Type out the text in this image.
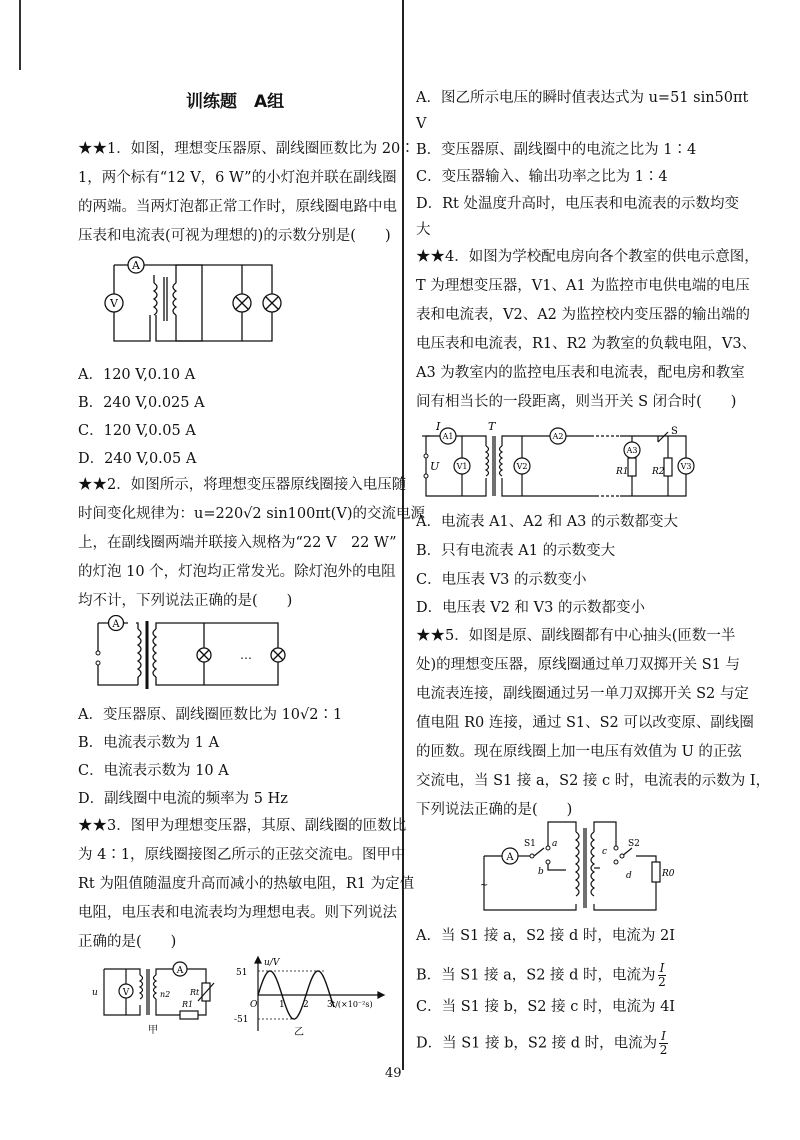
训练题　A组
★★1．如图，理想变压器原、副线圈匝数比为 20∶
1，两个标有“12 V，6 W”的小灯泡并联在副线圈
的两端。当两灯泡都正常工作时，原线圈电路中电
压表和电流表(可视为理想的)的示数分别是(　　)
A
V
A．120 V,0.10 A
B．240 V,0.025 A
C．120 V,0.05 A
D．240 V,0.05 A
★★2．如图所示，将理想变压器原线圈接入电压随
时间变化规律为：u=220√2 sin100πt(V)的交流电源
上，在副线圈两端并联接入规格为“22 V　22 W”
的灯泡 10 个，灯泡均正常发光。除灯泡外的电阻
均不计，下列说法正确的是(　　)
A
…
A．变压器原、副线圈匝数比为 10√2∶1
B．电流表示数为 1 A
C．电流表示数为 10 A
D．副线圈中电流的频率为 5 Hz
★★3．图甲为理想变压器，其原、副线圈的匝数比
为 4∶1，原线圈接图乙所示的正弦交流电。图甲中
Rt 为阻值随温度升高而减小的热敏电阻，R1 为定值
电阻，电压表和电流表均为理想电表。则下列说法
正确的是(　　)
V
A
u	n2
R1
Rt
甲
u/V
51
-51
O 1 2 3 t/(×10⁻²s)
乙
A．图乙所示电压的瞬时值表达式为 u=51 sin50πt
V
B．变压器原、副线圈中的电流之比为 1∶4
C．变压器输入、输出功率之比为 1∶4
D．Rt 处温度升高时，电压表和电流表的示数均变
大
★★4．如图为学校配电房向各个教室的供电示意图，
T 为理想变压器，V1、A1 为监控市电供电端的电压
表和电流表，V2、A2 为监控校内变压器的输出端的
电压表和电流表，R1、R2 为教室的负载电阻，V3、
A3 为教室内的监控电压表和电流表，配电房和教室
间有相当长的一段距离，则当开关 S 闭合时(　　)
A1
V1	V2
A2
A3
V3
I
U
T
R1	R2
S
A．电流表 A1、A2 和 A3 的示数都变大
B．只有电流表 A1 的示数变大
C．电压表 V3 的示数变小
D．电压表 V2 和 V3 的示数都变小
★★5．如图是原、副线圈都有中心抽头(匝数一半
处)的理想变压器，原线圈通过单刀双掷开关 S1 与
电流表连接，副线圈通过另一单刀双掷开关 S2 与定
值电阻 R0 连接，通过 S1、S2 可以改变原、副线圈
的匝数。现在原线圈上加一电压有效值为 U 的正弦
交流电，当 S1 接 a，S2 接 c 时，电流表的示数为 I，
下列说法正确的是(　　)
~
A
S1 a
b
S2
c
d	R0
A．当 S1 接 a，S2 接 d 时，电流为 2I
B．当 S1 接 a，S2 接 d 时，电流为 $\frac{I}{2}$
C．当 S1 接 b，S2 接 c 时，电流为 4I
D．当 S1 接 b，S2 接 d 时，电流为 $\frac{I}{2}$
49
